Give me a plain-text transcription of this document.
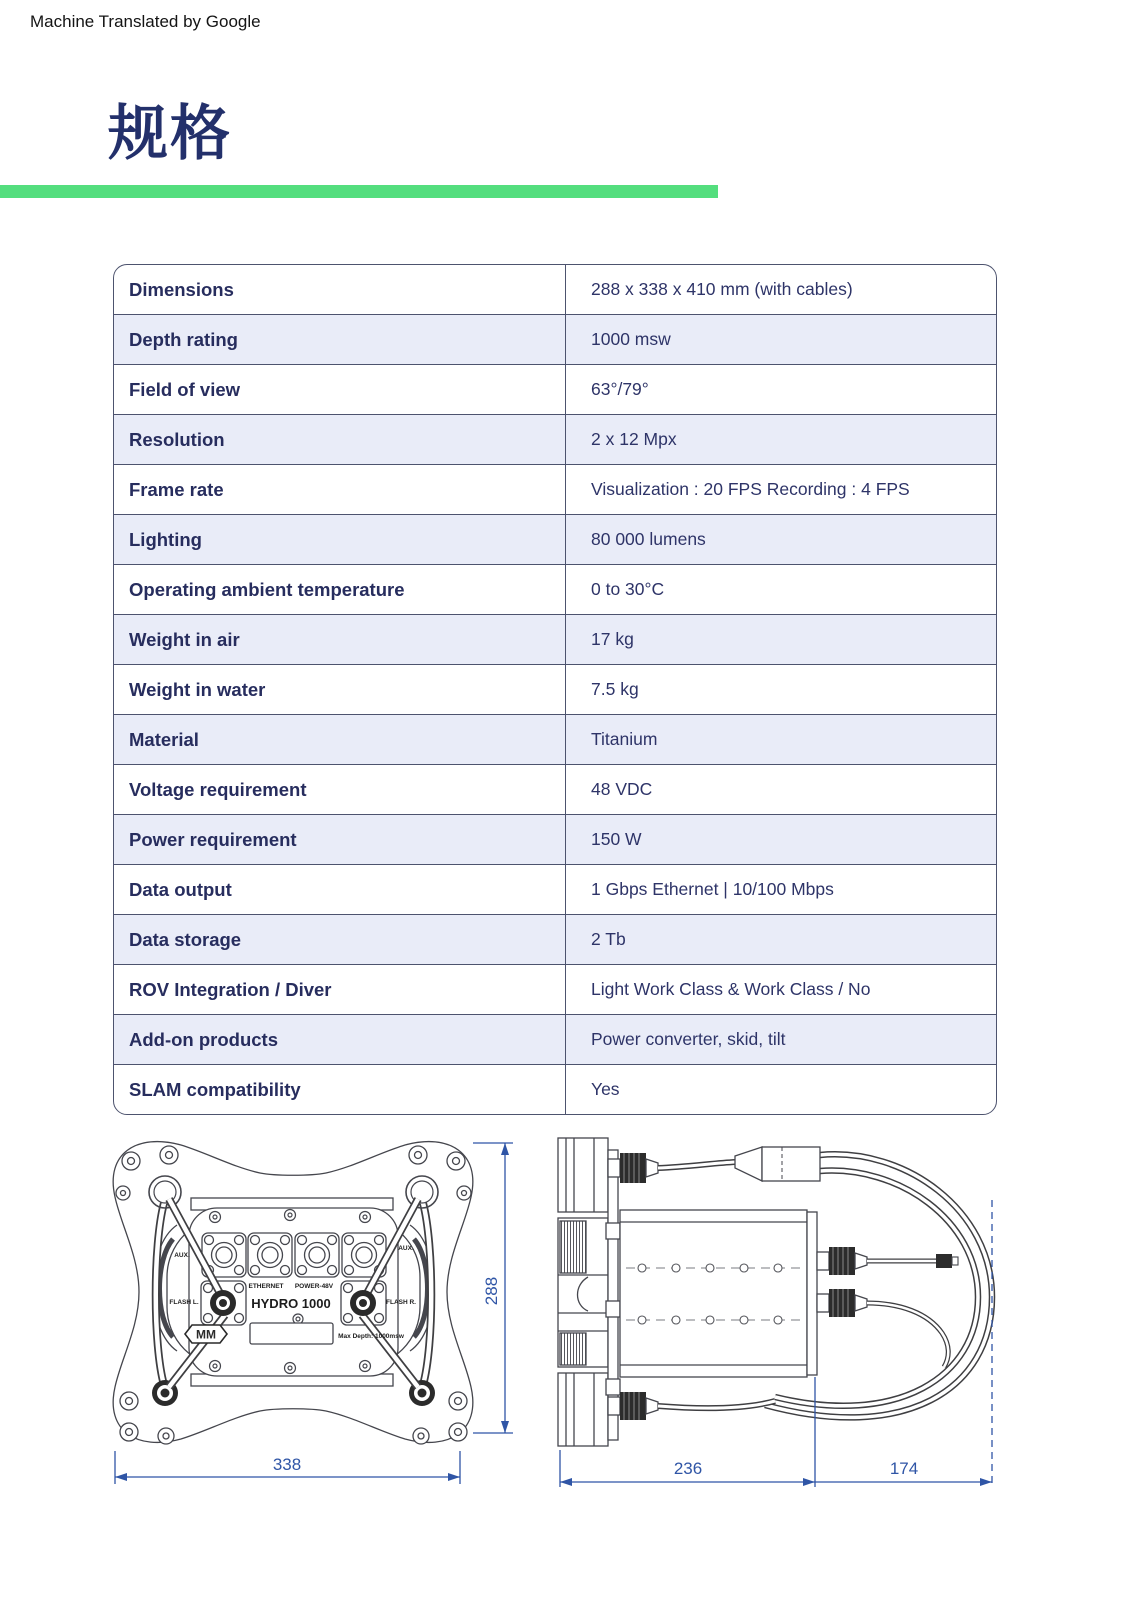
Machine Translated by Google
规格
Dimensions	288 x 338 x 410 mm (with cables)
Depth rating	1000 msw
Field of view	63°/79°
Resolution	2 x 12 Mpx
Frame rate	Visualization : 20 FPS Recording : 4 FPS
Lighting	80 000 lumens
Operating ambient temperature	0 to 30°C
Weight in air	17 kg
Weight in water	7.5 kg
Material	Titanium
Voltage requirement	48 VDC
Power requirement	150 W
Data output	1 Gbps Ethernet | 10/100 Mbps
Data storage	2 Tb
ROV Integration / Diver	Light Work Class & Work Class / No
Add-on products	Power converter, skid, tilt
SLAM compatibility	Yes
MM
AUX.
AUX.
ETHERNET POWER-48V
HYDRO 1000
FLASH L.	FLASH R.
Max Depth: 1000msw
338
288
236	174
